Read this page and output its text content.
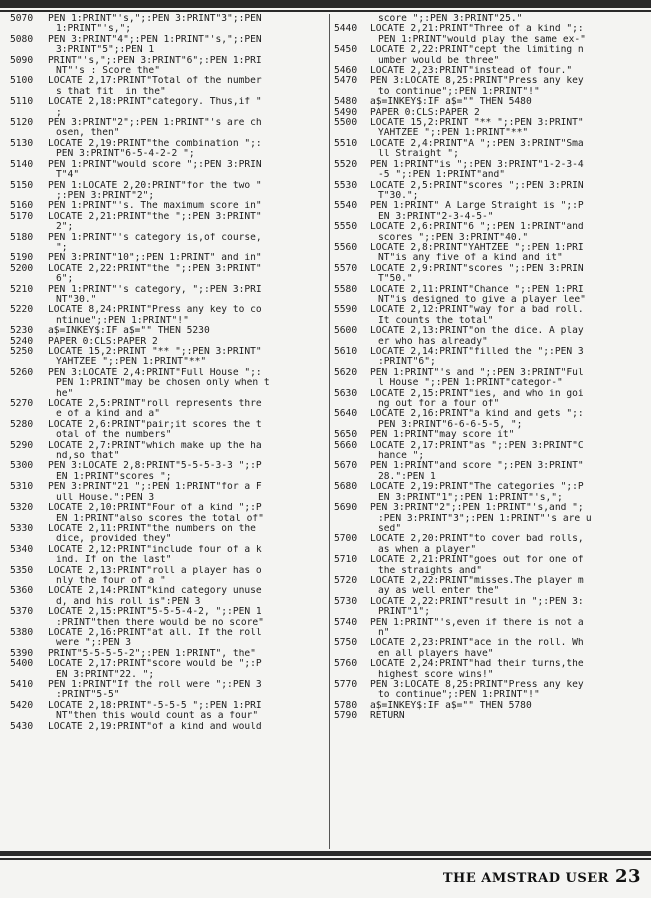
5070	PEN 1:PRINT"'s,";:PEN 3:PRINT"3";:PEN
1:PRINT"'s,";
5080	PEN 3:PRINT"4";:PEN 1:PRINT"'s,";:PEN
3:PRINT"5";:PEN 1
5090	PRINT"'s,";:PEN 3:PRINT"6";:PEN 1:PRI
NT"'s : Score the"
5100	LOCATE 2,17:PRINT"Total of the number
s that fit  in the"
5110	LOCATE 2,18:PRINT"category. Thus,if "
;
5120	PEN 3:PRINT"2";:PEN 1:PRINT"'s are ch
osen, then"
5130	LOCATE 2,19:PRINT"the combination ";:
PEN 3:PRINT"6-5-4-2-2 ";
5140	PEN 1:PRINT"would score ";:PEN 3:PRIN
T"4"
5150	PEN 1:LOCATE 2,20:PRINT"for the two "
;:PEN 3:PRINT"2";
5160	PEN 1:PRINT"'s. The maximum score in"
5170	LOCATE 2,21:PRINT"the ";:PEN 3:PRINT"
2";
5180	PEN 1:PRINT"'s category is,of course,
";
5190	PEN 3:PRINT"10";:PEN 1:PRINT" and in"
5200	LOCATE 2,22:PRINT"the ";:PEN 3:PRINT"
6";
5210	PEN 1:PRINT"'s category, ";:PEN 3:PRI
NT"30."
5220	LOCATE 8,24:PRINT"Press any key to co
ntinue";:PEN 1:PRINT"!"
5230	a$=INKEY$:IF a$="" THEN 5230
5240	PAPER 0:CLS:PAPER 2
5250	LOCATE 15,2:PRINT "** ";:PEN 3:PRINT"
YAHTZEE ";:PEN 1:PRINT"**"
5260	PEN 3:LOCATE 2,4:PRINT"Full House ";:
PEN 1:PRINT"may be chosen only when t
he"
5270	LOCATE 2,5:PRINT"roll represents thre
e of a kind and a"
5280	LOCATE 2,6:PRINT"pair;it scores the t
otal of the numbers"
5290	LOCATE 2,7:PRINT"which make up the ha
nd,so that"
5300	PEN 3:LOCATE 2,8:PRINT"5-5-5-3-3 ";:P
EN 1:PRINT"scores ";
5310	PEN 3:PRINT"21 ";:PEN 1:PRINT"for a F
ull House.":PEN 3
5320	LOCATE 2,10:PRINT"Four of a kind ";:P
EN 1:PRINT"also scores the total of"
5330	LOCATE 2,11:PRINT"the numbers on the
dice, provided they"
5340	LOCATE 2,12:PRINT"include four of a k
ind. If on the last"
5350	LOCATE 2,13:PRINT"roll a player has o
nly the four of a "
5360	LOCATE 2,14:PRINT"kind category unuse
d, and his roll is":PEN 3
5370	LOCATE 2,15:PRINT"5-5-5-4-2, ";:PEN 1
:PRINT"then there would be no score"
5380	LOCATE 2,16:PRINT"at all. If the roll
were ";:PEN 3
5390	PRINT"5-5-5-5-2";:PEN 1:PRINT", the"
5400	LOCATE 2,17:PRINT"score would be ";:P
EN 3:PRINT"22. ";
5410	PEN 1:PRINT"If the roll were ";:PEN 3
:PRINT"5-5"
5420	LOCATE 2,18:PRINT"-5-5-5 ";:PEN 1:PRI
NT"then this would count as a four"
5430	LOCATE 2,19:PRINT"of a kind and would
score ";:PEN 3:PRINT"25."
5440	LOCATE 2,21:PRINT"Three of a kind ";:
PEN 1:PRINT"would play the same ex-"
5450	LOCATE 2,22:PRINT"cept the limiting n
umber would be three"
5460	LOCATE 2,23:PRINT"instead of four."
5470	PEN 3:LOCATE 8,25:PRINT"Press any key
to continue";:PEN 1:PRINT"!"
5480	a$=INKEY$:IF a$="" THEN 5480
5490	PAPER 0:CLS:PAPER 2
5500	LOCATE 15,2:PRINT "** ";:PEN 3:PRINT"
YAHTZEE ";:PEN 1:PRINT"**"
5510	LOCATE 2,4:PRINT"A ";:PEN 3:PRINT"Sma
ll Straight ";
5520	PEN 1:PRINT"is ";:PEN 3:PRINT"1-2-3-4
-5 ";:PEN 1:PRINT"and"
5530	LOCATE 2,5:PRINT"scores ";:PEN 3:PRIN
T"30.";
5540	PEN 1:PRINT" A Large Straight is ";:P
EN 3:PRINT"2-3-4-5-"
5550	LOCATE 2,6:PRINT"6 ";:PEN 1:PRINT"and
scores ";:PEN 3:PRINT"40."
5560	LOCATE 2,8:PRINT"YAHTZEE ";:PEN 1:PRI
NT"is any five of a kind and it"
5570	LOCATE 2,9:PRINT"scores ";:PEN 3:PRIN
T"50."
5580	LOCATE 2,11:PRINT"Chance ";:PEN 1:PRI
NT"is designed to give a player lee"
5590	LOCATE 2,12:PRINT"way for a bad roll.
It counts the total"
5600	LOCATE 2,13:PRINT"on the dice. A play
er who has already"
5610	LOCATE 2,14:PRINT"filled the ";:PEN 3
:PRINT"6";
5620	PEN 1:PRINT"'s and ";:PEN 3:PRINT"Ful
l House ";:PEN 1:PRINT"categor-"
5630	LOCATE 2,15:PRINT"ies, and who in goi
ng out for a four of"
5640	LOCATE 2,16:PRINT"a kind and gets ";:
PEN 3:PRINT"6-6-6-5-5, ";
5650	PEN 1:PRINT"may score it"
5660	LOCATE 2,17:PRINT"as ";:PEN 3:PRINT"C
hance ";
5670	PEN 1:PRINT"and score ";:PEN 3:PRINT"
28.":PEN 1
5680	LOCATE 2,19:PRINT"The categories ";:P
EN 3:PRINT"1";:PEN 1:PRINT"'s,";
5690	PEN 3:PRINT"2";:PEN 1:PRINT"'s,and ";
:PEN 3:PRINT"3";:PEN 1:PRINT"'s are u
sed"
5700	LOCATE 2,20:PRINT"to cover bad rolls,
as when a player"
5710	LOCATE 2,21:PRINT"goes out for one of
the straights and"
5720	LOCATE 2,22:PRINT"misses.The player m
ay as well enter the"
5730	LOCATE 2,22:PRINT"result in ";:PEN 3:
PRINT"1";
5740	PEN 1:PRINT"'s,even if there is not a
n"
5750	LOCATE 2,23:PRINT"ace in the roll. Wh
en all players have"
5760	LOCATE 2,24:PRINT"had their turns,the
highest score wins!"
5770	PEN 3:LOCATE 8,25:PRINT"Press any key
to continue";:PEN 1:PRINT"!"
5780	a$=INKEY$:IF a$="" THEN 5780
5790	RETURN
THE AMSTRAD USER 23
